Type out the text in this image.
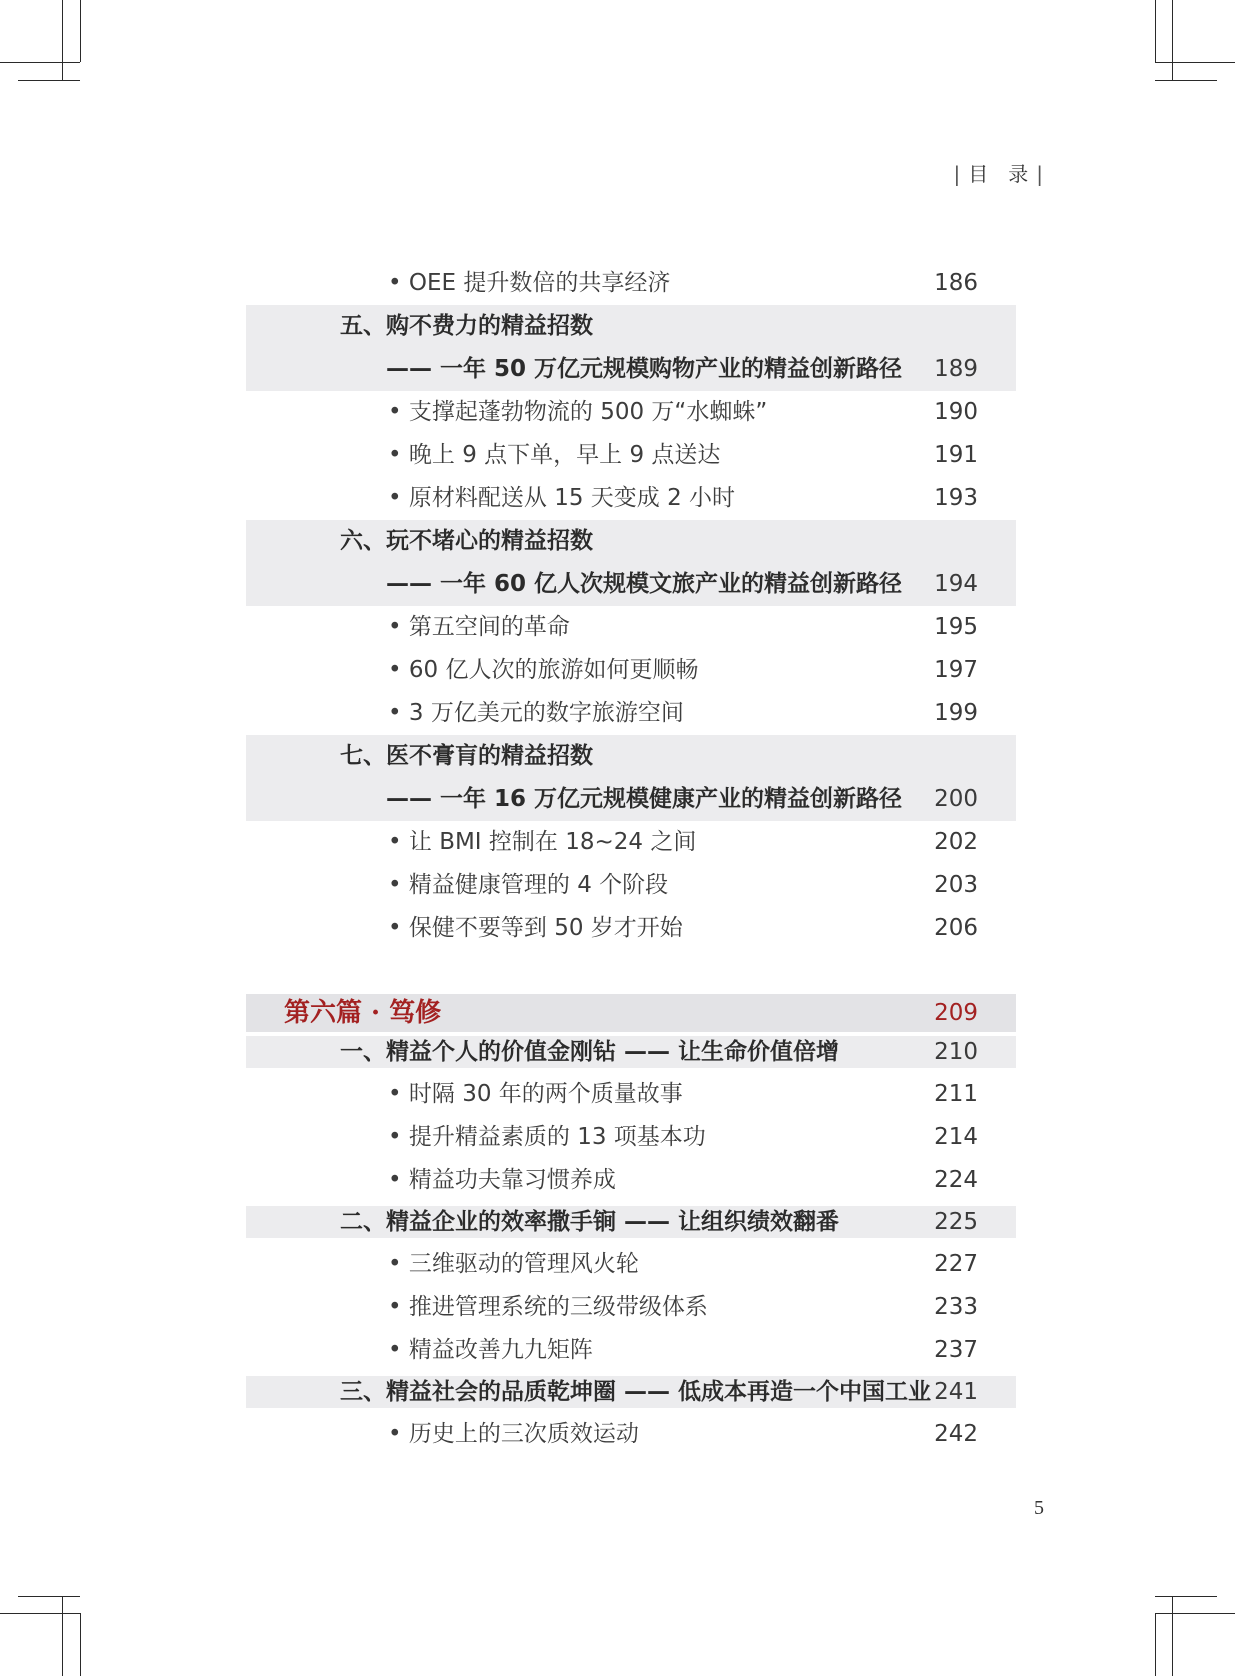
| 目 录 |
• OEE 提升数倍的共享经济	186
五、购不费力的精益招数
—— 一年 50 万亿元规模购物产业的精益创新路径 189
• 支撑起蓬勃物流的 500 万“水蜘蛛”	190
• 晚上 9 点下单，早上 9 点送达	191
• 原材料配送从 15 天变成 2 小时	193
六、玩不堵心的精益招数
—— 一年 60 亿人次规模文旅产业的精益创新路径 194
• 第五空间的革命	195
• 60 亿人次的旅游如何更顺畅	197
• 3 万亿美元的数字旅游空间	199
七、医不膏肓的精益招数
—— 一年 16 万亿元规模健康产业的精益创新路径 200
• 让 BMI 控制在 18~24 之间	202
• 精益健康管理的 4 个阶段	203
• 保健不要等到 50 岁才开始	206
第六篇 · 笃修	209
一、精益个人的价值金刚钻 —— 让生命价值倍增	210
• 时隔 30 年的两个质量故事	211
• 提升精益素质的 13 项基本功	214
• 精益功夫靠习惯养成	224
二、精益企业的效率撒手锏 —— 让组织绩效翻番	225
• 三维驱动的管理风火轮	227
• 推进管理系统的三级带级体系	233
• 精益改善九九矩阵	237
三、精益社会的品质乾坤圈 —— 低成本再造一个中国工业 241
• 历史上的三次质效运动	242
5
